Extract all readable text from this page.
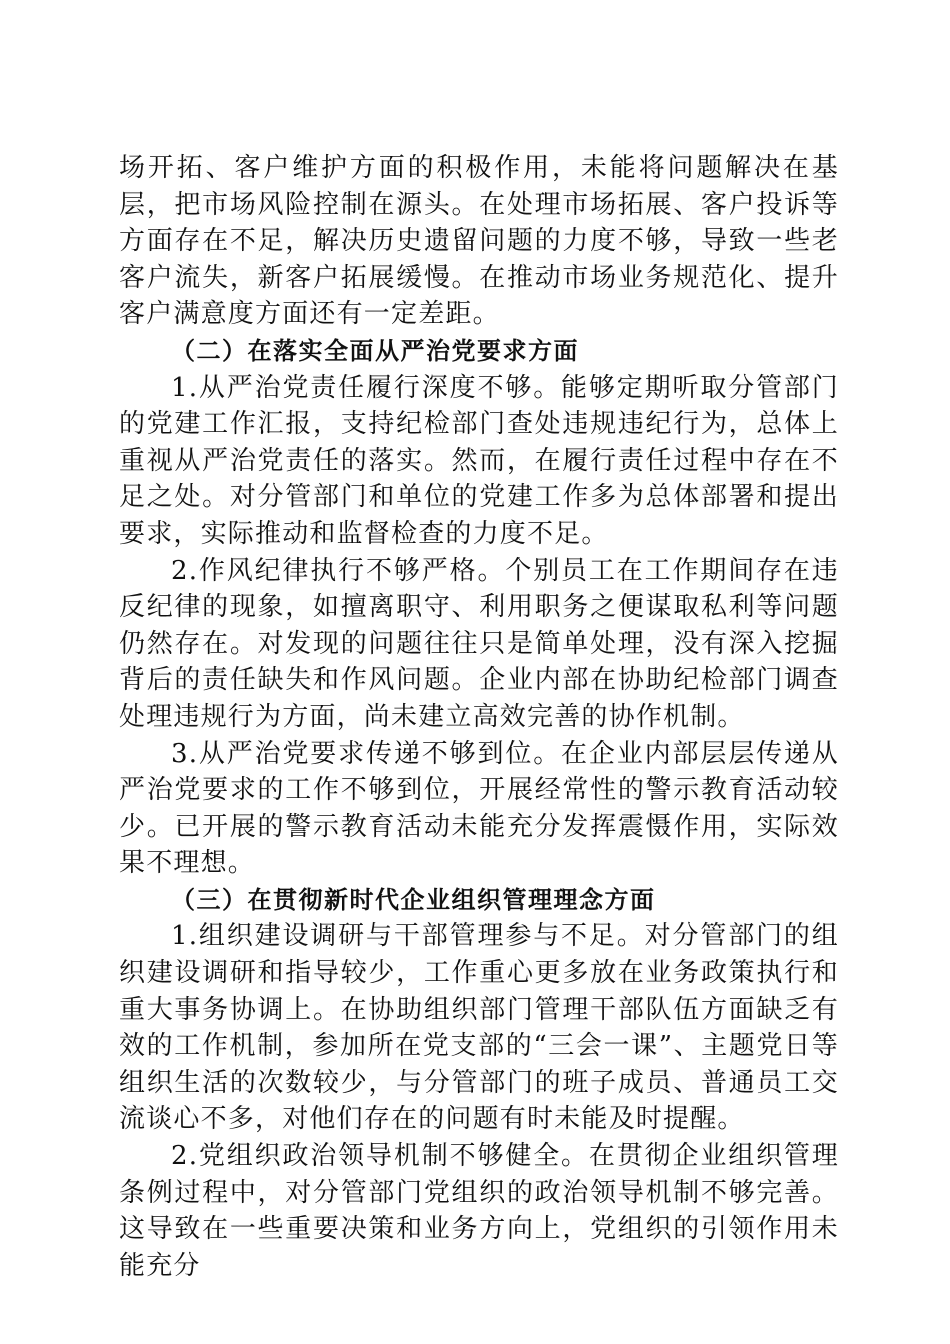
场开拓、客户维护方面的积极作用，未能将问题解决在基层，把市场风险控制在源头。在处理市场拓展、客户投诉等方面存在不足，解决历史遗留问题的力度不够，导致一些老客户流失，新客户拓展缓慢。在推动市场业务规范化、提升客户满意度方面还有一定差距。

（二）在落实全面从严治党要求方面

1.从严治党责任履行深度不够。能够定期听取分管部门的党建工作汇报，支持纪检部门查处违规违纪行为，总体上重视从严治党责任的落实。然而，在履行责任过程中存在不足之处。对分管部门和单位的党建工作多为总体部署和提出要求，实际推动和监督检查的力度不足。

2.作风纪律执行不够严格。个别员工在工作期间存在违反纪律的现象，如擅离职守、利用职务之便谋取私利等问题仍然存在。对发现的问题往往只是简单处理，没有深入挖掘背后的责任缺失和作风问题。企业内部在协助纪检部门调查处理违规行为方面，尚未建立高效完善的协作机制。

3.从严治党要求传递不够到位。在企业内部层层传递从严治党要求的工作不够到位，开展经常性的警示教育活动较少。已开展的警示教育活动未能充分发挥震慑作用，实际效果不理想。

（三）在贯彻新时代企业组织管理理念方面

1.组织建设调研与干部管理参与不足。对分管部门的组织建设调研和指导较少，工作重心更多放在业务政策执行和重大事务协调上。在协助组织部门管理干部队伍方面缺乏有效的工作机制，参加所在党支部的“三会一课”、主题党日等组织生活的次数较少，与分管部门的班子成员、普通员工交流谈心不多，对他们存在的问题有时未能及时提醒。

2.党组织政治领导机制不够健全。在贯彻企业组织管理条例过程中，对分管部门党组织的政治领导机制不够完善。这导致在一些重要决策和业务方向上，党组织的引领作用未能充分
